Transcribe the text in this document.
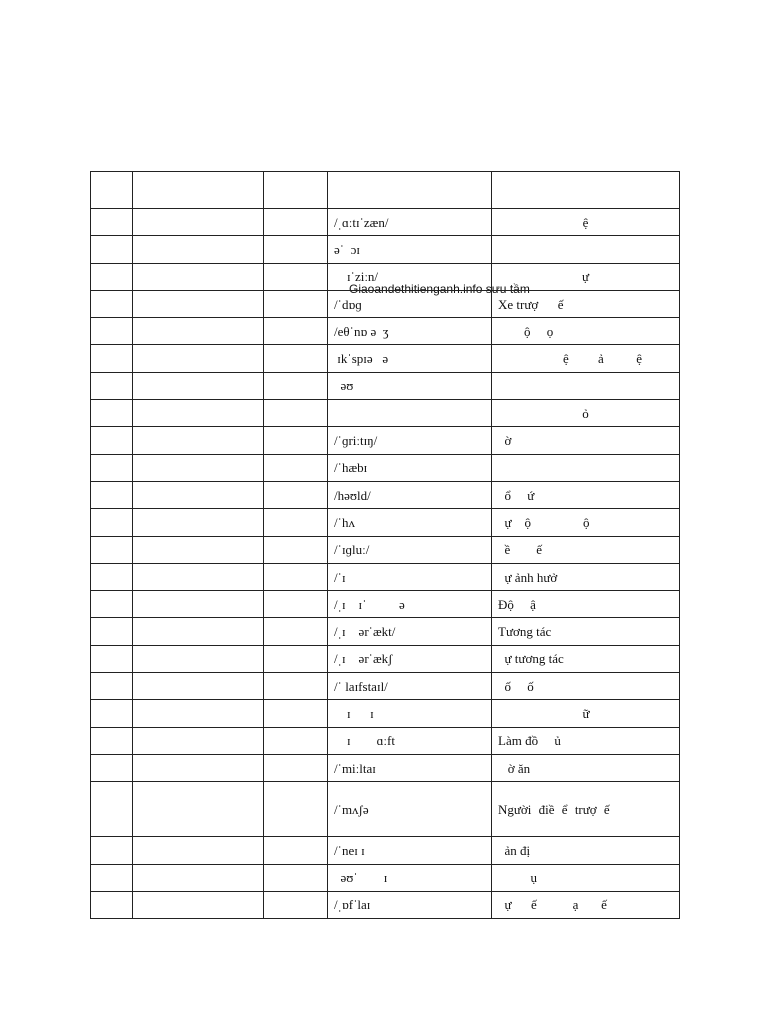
Giaoandethitienganh.info sưu tầm

			/ˌɑːtɪˈzæn/	ệ
			əˈ  ɔɪ	
			ɪˈziːn/	ự
			/ˈdɒɡ	Xe trượ      ế
			/eθˈnɒ ə  ʒ	ộ     ọ
			ɪkˈspɪə   ə	ệ         ả          ệ
			əʊ	
				ỏ
			/ˈɡriːtɪŋ/	ờ
			/ˈhæbɪ	
			/həʊld/	ổ     ứ
			/ˈhʌ	ự    ộ                ộ
			/ˈɪɡluː/	ề        ế
			/ˈɪ	ự ảnh hưở
			/ˌɪ    ɪˈ          ə	Độ     ậ
			/ˌɪ    ərˈækt/	Tương tác
			/ˌɪ    ərˈækʃ	ự tương tác
			/ˈ laɪfstaɪl/	ố     ố
			ɪ      ɪ	ữ
			ɪ        ɑːft	Làm đồ     ủ
			/ˈmiːltaɪ	ờ ăn
			/ˈmʌʃə	Người điề ể trượ ế
			/ˈneɪ ɪ	ản đị
			əʊˈ        ɪ	ụ
			/ˌɒfˈlaɪ	ự      ế           ạ       ế
